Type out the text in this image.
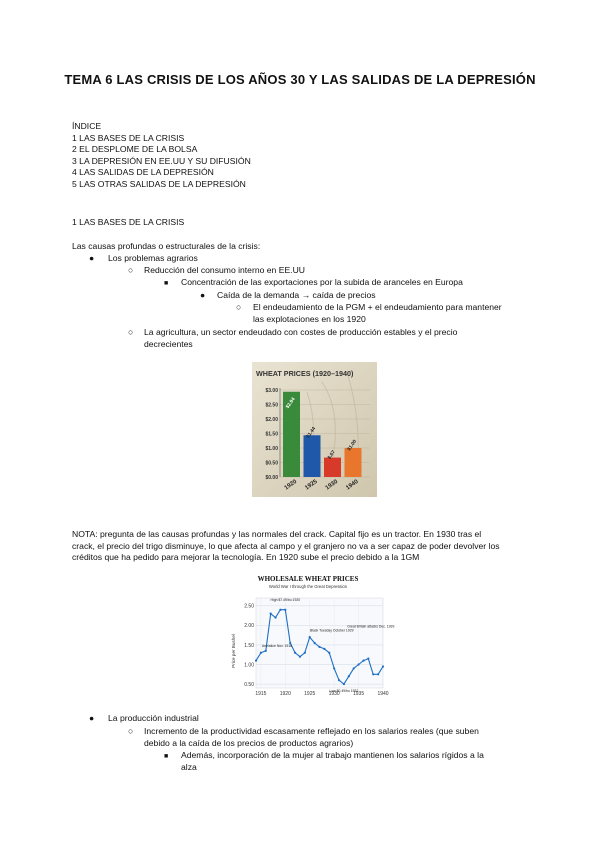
TEMA 6 LAS CRISIS DE LOS AÑOS 30 Y LAS SALIDAS DE LA DEPRESIÓN
ÍNDICE
1 LAS BASES DE LA CRISIS
2 EL DESPLOME DE LA BOLSA
3 LA DEPRESIÓN EN EE.UU Y SU DIFUSIÓN
4 LAS SALIDAS DE LA DEPRESIÓN
5 LAS OTRAS SALIDAS DE LA DEPRESIÓN
1 LAS BASES DE LA CRISIS
Las causas profundas o estructurales de la crisis:
● Los problemas agrarios
○ Reducción del consumo interno en EE.UU
■ Concentración de las exportaciones por la subida de aranceles en Europa
● Caída de la demanda → caída de precios
○ El endeudamiento de la PGM + el endeudamiento para mantener
las explotaciones en los 1920
○ La agricultura, un sector endeudado con costes de producción estables y el precio
decrecientes
WHEAT PRICES (1920–1940)
$0.00
$0.50
$1.00
$1.50
$2.00
$2.50
$3.00
$2.94
1920
$1.44
1925
$.67
1930
$1.00
1940
NOTA: pregunta de las causas profundas y las normales del crack. Capital fijo es un tractor. En 1930 tras el
crack, el precio del trigo disminuye, lo que afecta al campo y el granjero no va a ser capaz de poder devolver los
créditos que ha pedido para mejorar la tecnología. En 1920 sube el precio debido a la 1GM
WHOLESALE WHEAT PRICES
World War I through the Great Depression
Price per Bushel
0.50
1.00
1.50
2.00
2.50
1915	1920	1925	1930	1935	1940
High $7.49/bu 1920
Armistice Nov. 1918
Black Tuesday October 1929
Low $0.49/bu 1932
Great Britain attacks Dec. 1939
● La producción industrial
○ Incremento de la productividad escasamente reflejado en los salarios reales (que suben
debido a la caída de los precios de productos agrarios)
■ Además, incorporación de la mujer al trabajo mantienen los salarios rígidos a la
alza
